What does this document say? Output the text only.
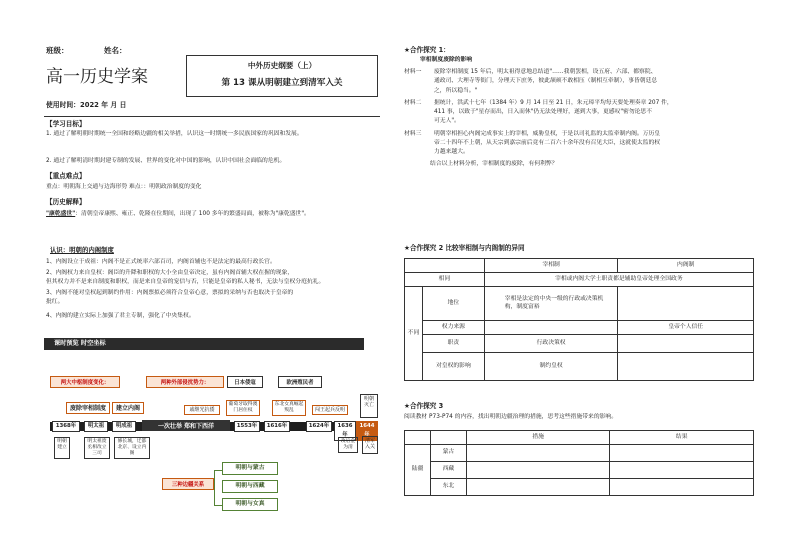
班级：	姓名：
高一历史学案
使用时间：2022 年 月 日
中外历史纲要（上）
第 13 课从明朝建立到清军入关
【学习目标】
1. 通过了解明朝时期统一全国和经略边疆的相关举措，认识这一时期统一多民族国家的巩固和发展。
2. 通过了解明清时期封建专制的发展、世界的变化对中国的影响，认识中国社会面临的危机。
【重点难点】
重点：明朝海上交通与边海形势 难点：：明朝政治制度的变化
【历史解释】
"康乾盛世"：清朝皇帝康熙、雍正、乾隆在位期间，出现了 100 多年的繁盛局面，被称为"康乾盛世"。
认识：明朝的内阁制度
1、内阁设立于成祖：内阁不是正式统率六部百司，内阁首辅也不是法定的最高行政长官。
2、内阁权力来自皇权：阁臣的升降和职权的大小全由皇帝决定，虽有内阁首辅大权在握的现象，
但其权力并不是来自制度和职权，而是来自皇帝的宠信与否，只能是皇帝的私人秘书，无法与皇权分庭抗礼。
3、内阁不能对皇权起到制约作用：内阁票拟必须符合皇帝心意，票拟的采纳与否也取决于皇帝的
批红。
4、内阁的建立实际上加强了君主专制，强化了中央集权。
课时预览 时空坐标
两大中枢制度变化：	两种外部侵扰势力：	日本倭寇	欧洲殖民者
废除宰相制度	建立内阁	戚继光抗倭
葡萄牙取得澳门居住权
东北女真崛起叛乱	闯王起兵反明
明朝灭亡
1368年	明太祖	明成祖	一次壮举 郑和下西洋	1553年	1616年	1624年	1636年
1644年
清军入关
明朝建立
明太祖废丞相改立三司
修长城，迁都北京、设立内阁
改后金为清
三种边疆关系
明朝与蒙古
明朝与西藏
明朝与女真
★合作探究 1：
宰相制度废除的影响
材料一	废除宰相制度 15 年后，明太祖得意地总结道"……我朝罢相，设五府、六部、都察院、
通政司、大理寺等衙门，分理天下庶务，彼此颉颃不敢相压（制相互牵制），事皆朝廷总
之，所以稳当。"
材料二	据统计，洪武十七年（1384 年）9 月 14 日至 21 日，朱元璋平均每天要处理奏章 207 件，
411 事，以致于"星存而出，日入而休"仍无法处理好，遂到大事，更感叹"密勿论思不
可无人"。
材料三	明朝宰相担心内阁完成事实上的宰相，威胁皇权，于是以司礼监的太监牵制内阁。万历皇
帝二十四年不上朝，从天宗到嘉宗前后竟有二百六十余年没有召见大臣，这就使太监的权
力越来越大。
结合以上材料分析，宰相制度的废除，有何利弊？
★合作探究 2 比较宰相制与内阁制的异同
		宰相制	内阁制
相同		宰相或内阁大学士职责都是辅助皇帝处理全国政务	
不同	地位	宰相是法定的中央一级的行政或决策机构，制度富裕	
	权力来源		皇帝个人信任
	职责	行政决策权	
	对皇权的影响	制约皇权	
★合作探究 3
阅读教材 P73-P74 的内容，找出明朝边疆治理的措施，思考这些措施带来的影响。
		措施	结果
陆疆	蒙古		
	西藏		
	东北		
